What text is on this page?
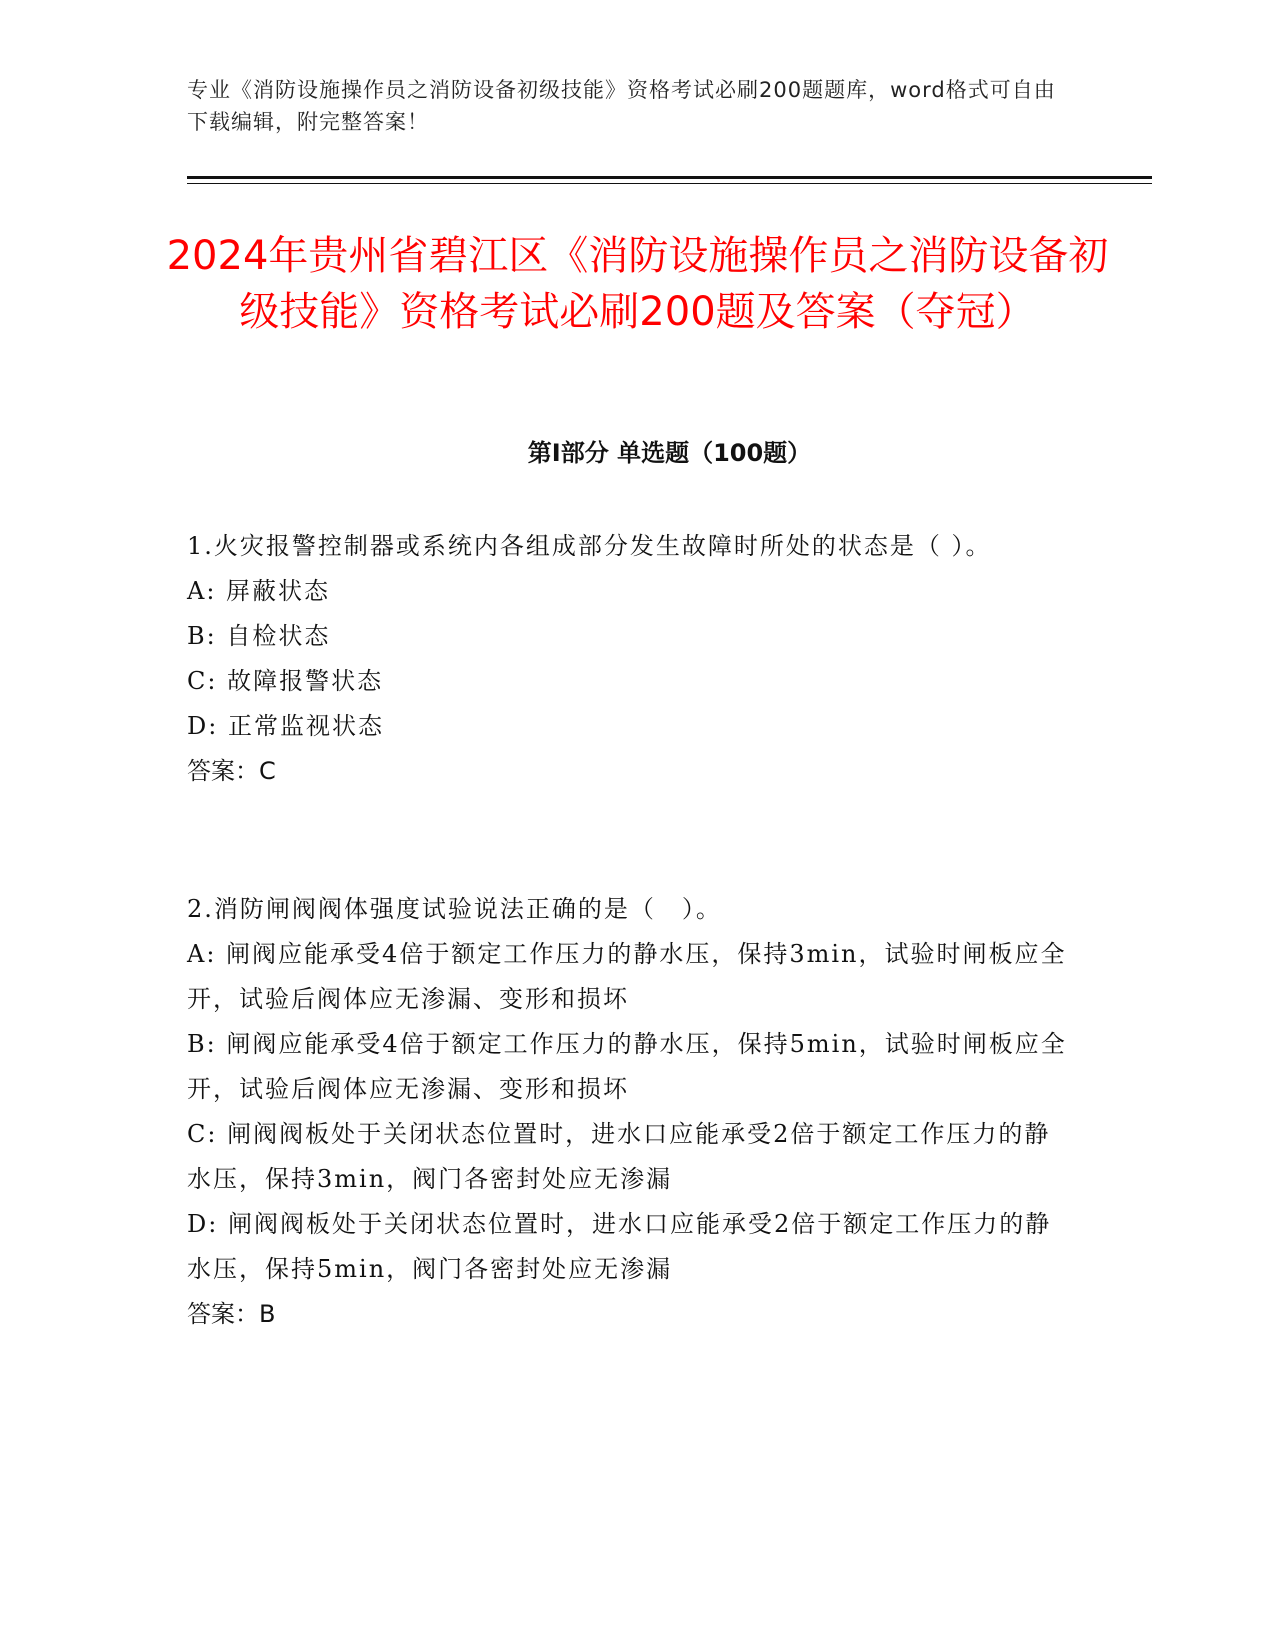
专业《消防设施操作员之消防设备初级技能》资格考试必刷200题题库，word格式可自由下载编辑，附完整答案！
2024年贵州省碧江区《消防设施操作员之消防设备初级技能》资格考试必刷200题及答案（夺冠）
第I部分 单选题（100题）

1.火灾报警控制器或系统内各组成部分发生故障时所处的状态是（ ）。

A: 屏蔽状态

B: 自检状态

C: 故障报警状态

D: 正常监视状态

答案：C

2.消防闸阀阀体强度试验说法正确的是（　）。

A: 闸阀应能承受4倍于额定工作压力的静水压，保持3min，试验时闸板应全开，试验后阀体应无渗漏、变形和损坏

B: 闸阀应能承受4倍于额定工作压力的静水压，保持5min，试验时闸板应全开，试验后阀体应无渗漏、变形和损坏

C: 闸阀阀板处于关闭状态位置时，进水口应能承受2倍于额定工作压力的静水压，保持3min，阀门各密封处应无渗漏

D: 闸阀阀板处于关闭状态位置时，进水口应能承受2倍于额定工作压力的静水压，保持5min，阀门各密封处应无渗漏

答案：B
